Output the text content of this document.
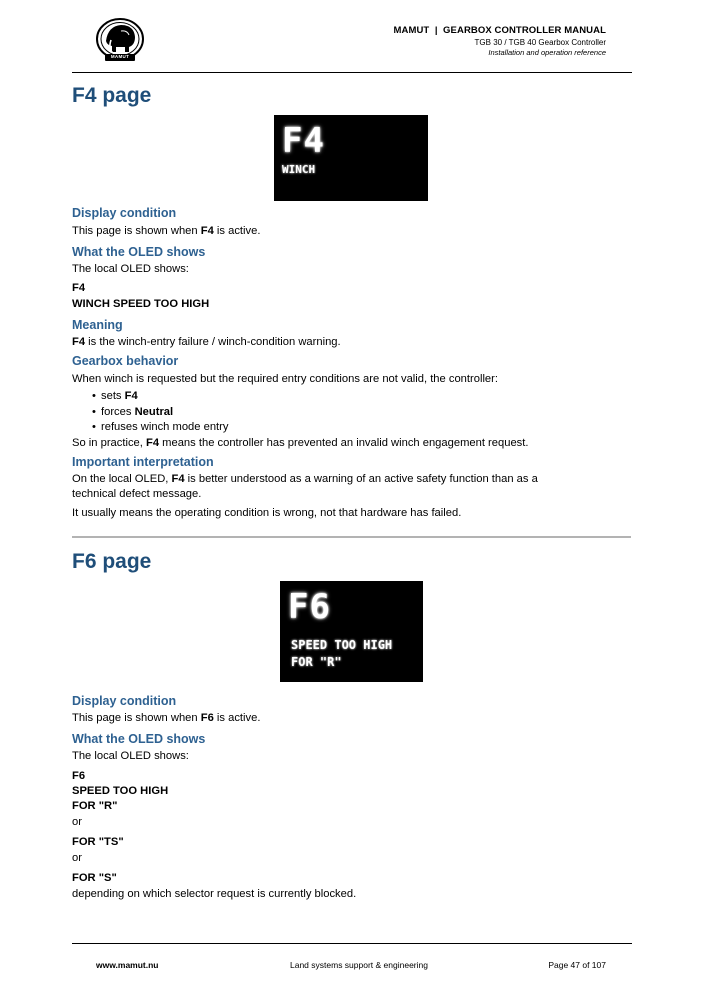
MAMUT
MAMUT  |  GEARBOX CONTROLLER MANUAL
TGB 30 / TGB 40 Gearbox Controller
Installation and operation reference
F4 page
F4
WINCH
Display condition
This page is shown when F4 is active.
What the OLED shows
The local OLED shows:
F4
WINCH SPEED TOO HIGH
Meaning
F4 is the winch-entry failure / winch-condition warning.
Gearbox behavior
When winch is requested but the required entry conditions are not valid, the controller:
• sets F4
• forces Neutral
• refuses winch mode entry
So in practice, F4 means the controller has prevented an invalid winch engagement request.
Important interpretation
On the local OLED, F4 is better understood as a warning of an active safety function than as a
technical defect message.
It usually means the operating condition is wrong, not that hardware has failed.
F6 page
F6
SPEED TOO HIGH
FOR "R"
Display condition
This page is shown when F6 is active.
What the OLED shows
The local OLED shows:
F6
SPEED TOO HIGH
FOR "R"
or
FOR "TS"
or
FOR "S"
depending on which selector request is currently blocked.
www.mamut.nu	Land systems support & engineering	Page 47 of 107
